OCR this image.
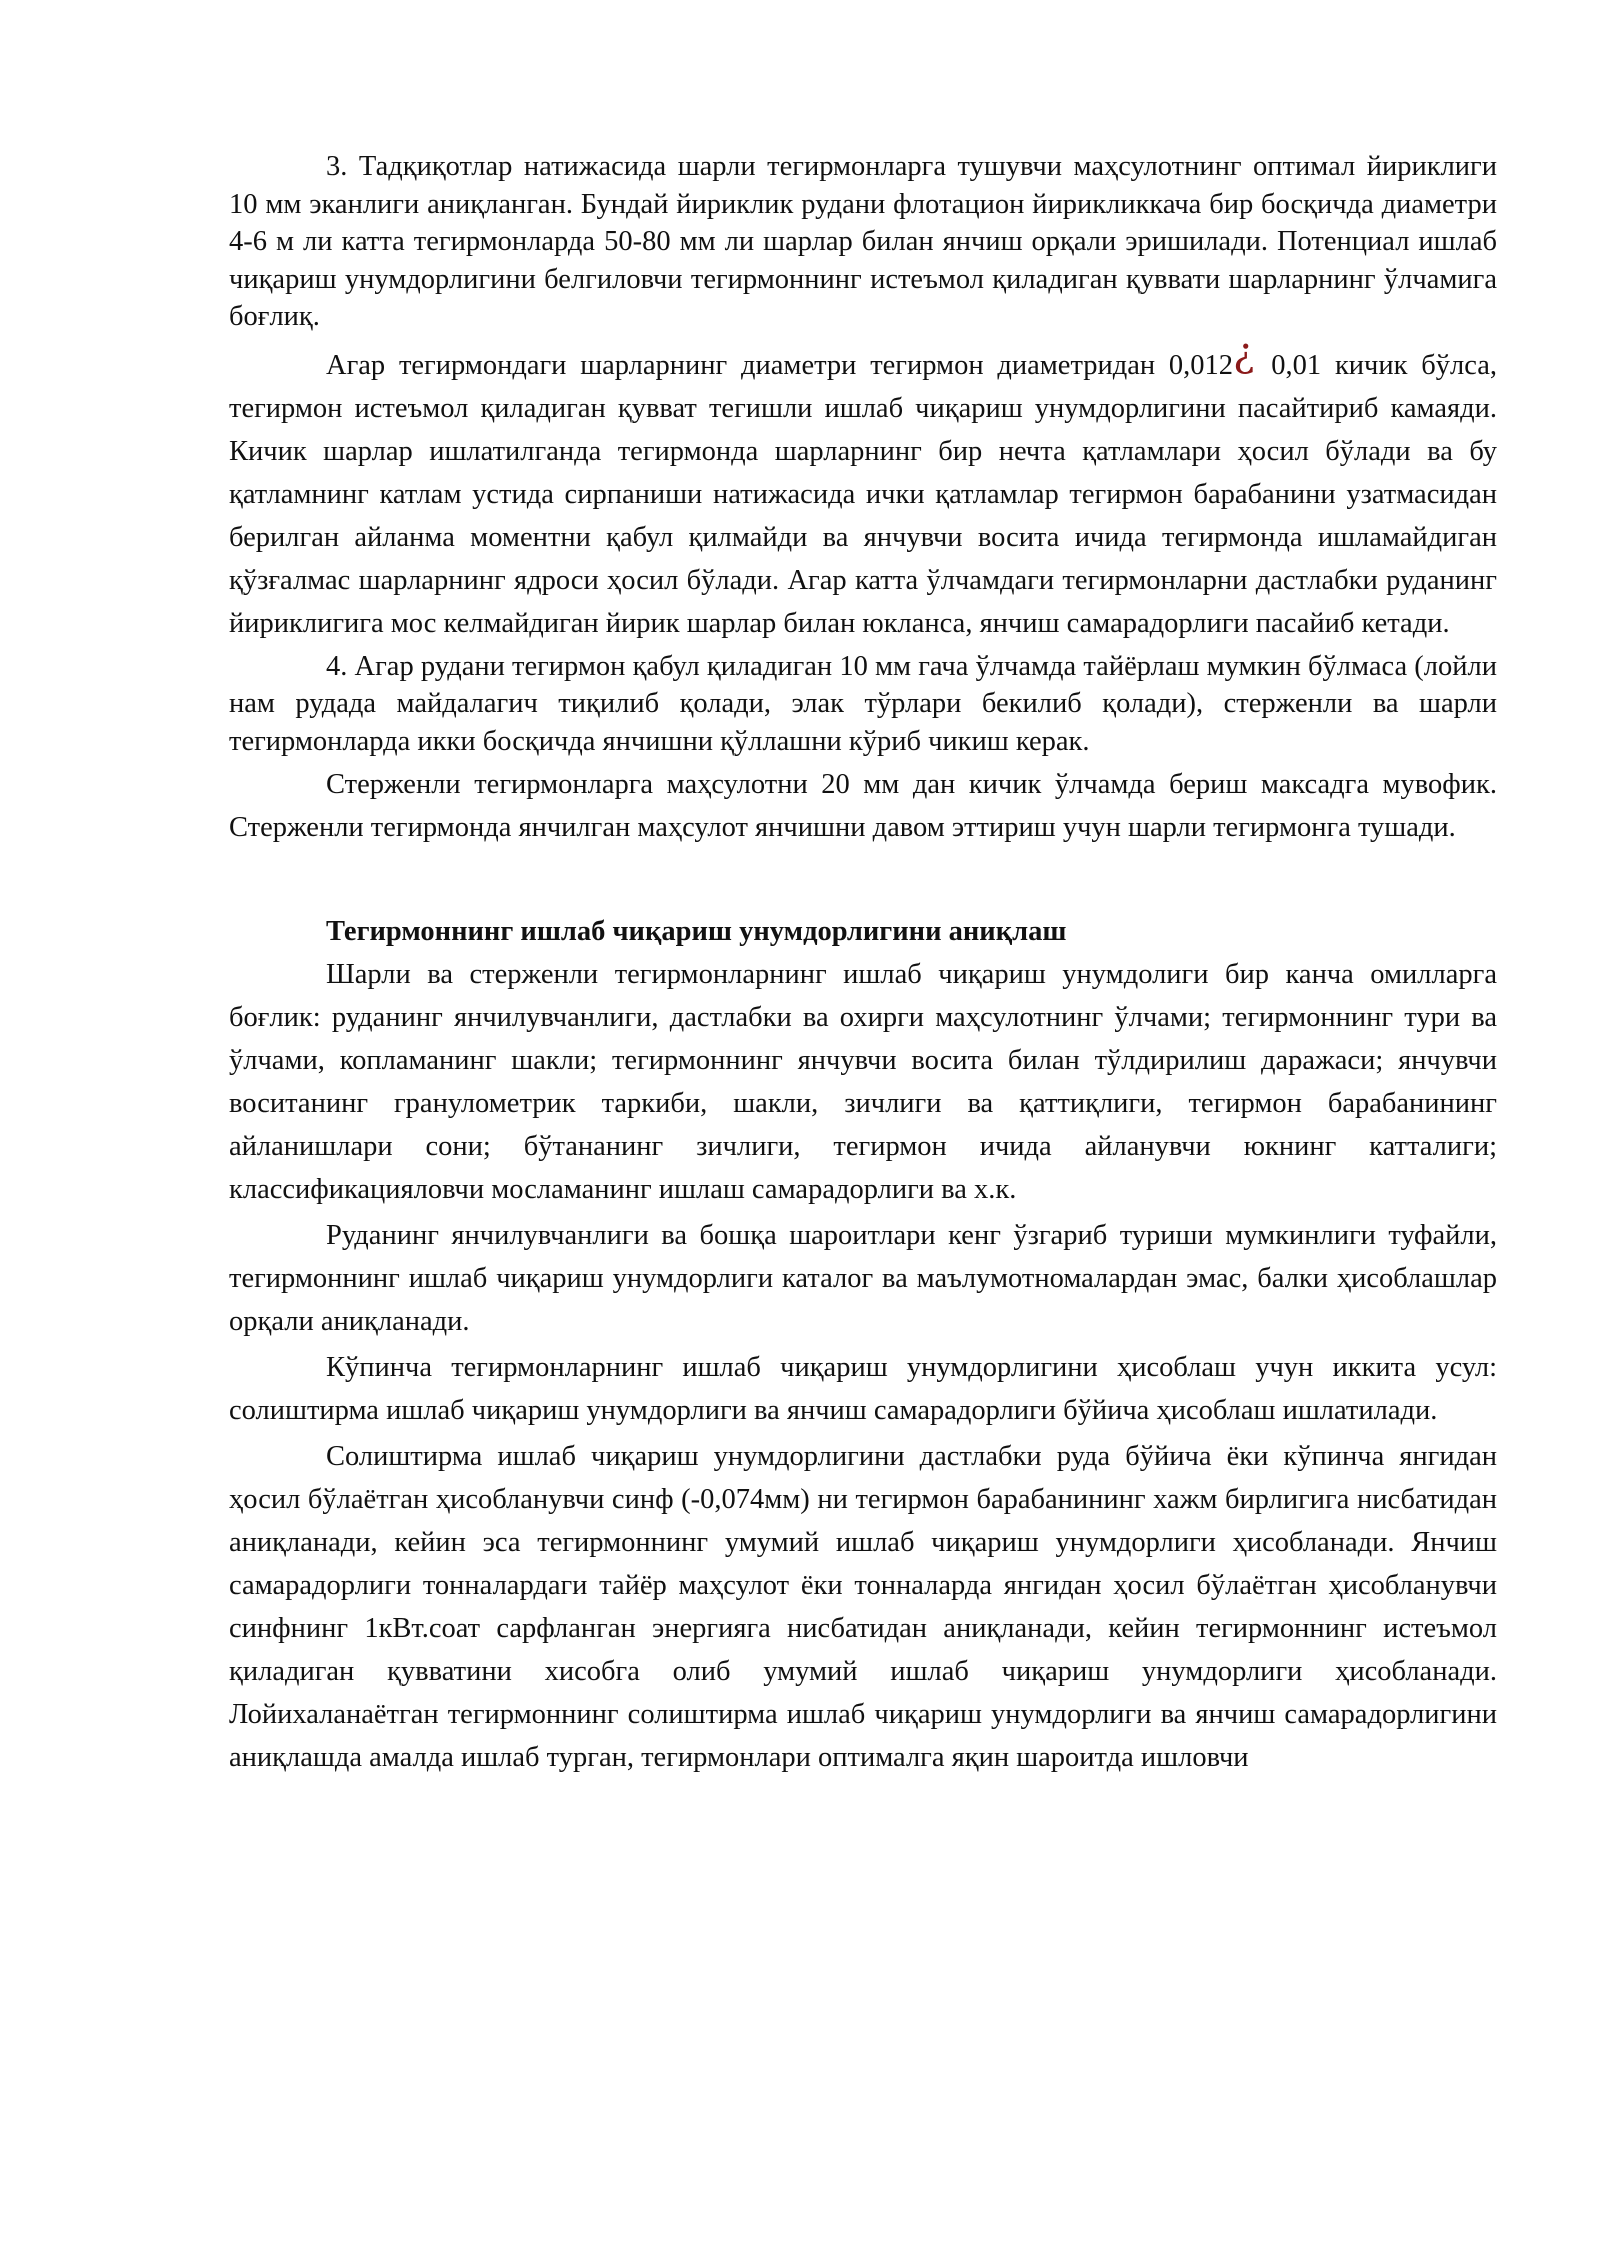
3. Тадқиқотлар натижасида шарли тегирмонларга тушувчи маҳсулотнинг оптимал йириклиги 10 мм эканлиги аниқланган. Бундай йириклик рудани флотацион йирикликкача бир босқичда диаметри 4-6 м ли катта тегирмонларда 50-80 мм ли шарлар билан янчиш орқали эришилади. Потенциал ишлаб чиқариш унумдорлигини белгиловчи тегирмоннинг истеъмол қиладиган қуввати шарларнинг ўлчамига боғлиқ.

Агар тегирмондаги шарларнинг диаметри тегирмон диаметридан 0,012¿ 0,01 кичик бўлса, тегирмон истеъмол қиладиган қувват тегишли ишлаб чиқариш унумдорлигини пасайтириб камаяди. Кичик шарлар ишлатилганда тегирмонда шарларнинг бир нечта қатламлари ҳосил бўлади ва бу қатламнинг катлам устида сирпаниши натижасида ички қатламлар тегирмон барабанини узатмасидан берилган айланма моментни қабул қилмайди ва янчувчи восита ичида тегирмонда ишламайдиган қўзғалмас шарларнинг ядроси ҳосил бўлади. Агар катта ўлчамдаги тегирмонларни дастлабки руданинг йириклигига мос келмайдиган йирик шарлар билан юкланса, янчиш самарадорлиги пасайиб кетади.

4. Агар рудани тегирмон қабул қиладиган 10 мм гача ўлчамда тайёрлаш мумкин бўлмаса (лойли нам рудада майдалагич тиқилиб қолади, элак тўрлари бекилиб қолади), стерженли ва шарли тегирмонларда икки босқичда янчишни қўллашни кўриб чикиш керак.

Стерженли тегирмонларга маҳсулотни 20 мм дан кичик ўлчамда бериш максадга мувофик. Стерженли тегирмонда янчилган маҳсулот янчишни давом эттириш учун шарли тегирмонга тушади.

Тегирмоннинг ишлаб чиқариш унумдорлигини аниқлаш

Шарли ва стерженли тегирмонларнинг ишлаб чиқариш унумдолиги бир канча омилларга боғлик: руданинг янчилувчанлиги, дастлабки ва охирги маҳсулотнинг ўлчами; тегирмоннинг тури ва ўлчами, копламанинг шакли; тегирмоннинг янчувчи восита билан тўлдирилиш даражаси; янчувчи воситанинг гранулометрик таркиби, шакли, зичлиги ва қаттиқлиги, тегирмон барабанининг айланишлари сони; бўтананинг зичлиги, тегирмон ичида айланувчи юкнинг катталиги; классификацияловчи мосламанинг ишлаш самарадорлиги ва х.к.

Руданинг янчилувчанлиги ва бошқа шароитлари кенг ўзгариб туриши мумкинлиги туфайли, тегирмоннинг ишлаб чиқариш унумдорлиги каталог ва маълумотномалардан эмас, балки ҳисоблашлар орқали аниқланади.

Кўпинча тегирмонларнинг ишлаб чиқариш унумдорлигини ҳисоблаш учун иккита усул: солиштирма ишлаб чиқариш унумдорлиги ва янчиш самарадорлиги бўйича ҳисоблаш ишлатилади.

Солиштирма ишлаб чиқариш унумдорлигини дастлабки руда бўйича ёки кўпинча янгидан ҳосил бўлаётган ҳисобланувчи синф (-0,074мм) ни тегирмон барабанининг хажм бирлигига нисбатидан аниқланади, кейин эса тегирмоннинг умумий ишлаб чиқариш унумдорлиги ҳисобланади. Янчиш самарадорлиги тонналардаги тайёр маҳсулот ёки тонналарда янгидан ҳосил бўлаётган ҳисобланувчи синфнинг 1кВт.соат сарфланган энергияга нисбатидан аниқланади, кейин тегирмоннинг истеъмол қиладиган қувватини хисобга олиб умумий ишлаб чиқариш унумдорлиги ҳисобланади. Лойихаланаётган тегирмоннинг солиштирма ишлаб чиқариш унумдорлиги ва янчиш самарадорлигини аниқлашда амалда ишлаб турган, тегирмонлари оптималга яқин шароитда ишловчи
